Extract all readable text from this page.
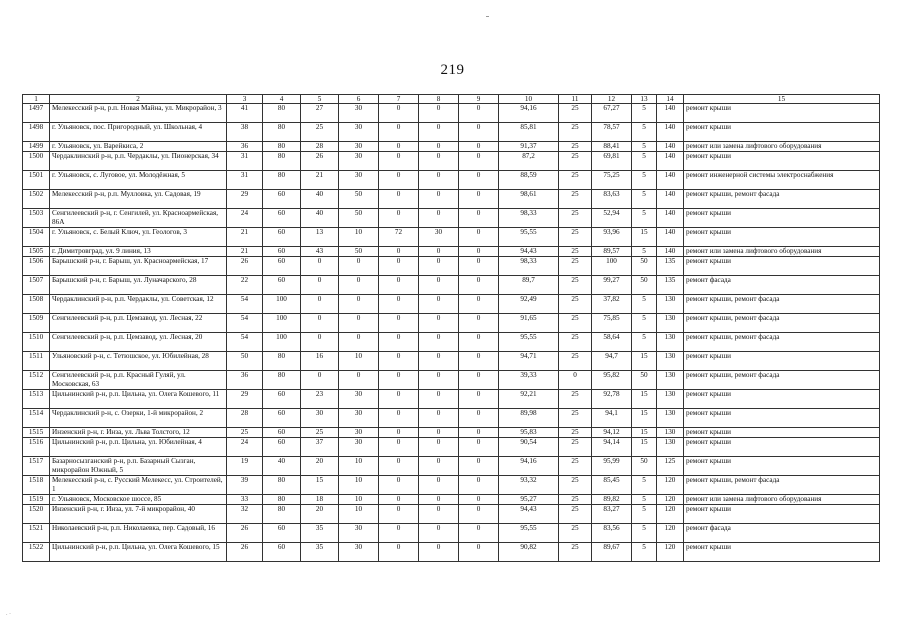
219
1	2	3	4	5	6	7	8	9	10	11	12	13	14	15
1497	Мелекесский р-н, р.п. Новая Майна, ул. Микрорайон, 3	41	80	27	30	0	0	0	94,16	25	67,27	5	140	ремонт крыши
1498	г. Ульяновск, пос. Пригородный, ул. Школьная, 4	38	80	25	30	0	0	0	85,81	25	78,57	5	140	ремонт крыши
1499	г. Ульяновск, ул. Варейкиса, 2	36	80	28	30	0	0	0	91,37	25	88,41	5	140	ремонт или замена лифтового оборудования
1500	Чердаклинский р-н, р.п. Чердаклы, ул. Пионерская, 34	31	80	26	30	0	0	0	87,2	25	69,81	5	140	ремонт крыши
1501	г. Ульяновск, с. Луговое, ул. Молодёжная, 5	31	80	21	30	0	0	0	88,59	25	75,25	5	140	ремонт инженерной системы электроснабжения
1502	Мелекесский р-н, р.п. Мулловка, ул. Садовая, 19	29	60	40	50	0	0	0	98,61	25	83,63	5	140	ремонт крыши, ремонт фасада
1503	Сенгилеевский р-н, г. Сенгилей, ул. Красноармейская, 86А	24	60	40	50	0	0	0	98,33	25	52,94	5	140	ремонт крыши
1504	г. Ульяновск, с. Белый Ключ, ул. Геологов, 3	21	60	13	10	72	30	0	95,55	25	93,96	15	140	ремонт крыши
1505	г. Димитровград, ул. 9 линия, 13	21	60	43	50	0	0	0	94,43	25	89,57	5	140	ремонт или замена лифтового оборудования
1506	Барышский р-н, г. Барыш, ул. Красноармейская, 17	26	60	0	0	0	0	0	98,33	25	100	50	135	ремонт крыши
1507	Барышский р-н, г. Барыш, ул. Луначарского, 28	22	60	0	0	0	0	0	89,7	25	99,27	50	135	ремонт фасада
1508	Чердаклинский р-н, р.п. Чердаклы, ул. Советская, 12	54	100	0	0	0	0	0	92,49	25	37,82	5	130	ремонт крыши, ремонт фасада
1509	Сенгилеевский р-н, р.п. Цемзавод, ул. Лесная, 22	54	100	0	0	0	0	0	91,65	25	75,85	5	130	ремонт крыши, ремонт фасада
1510	Сенгилеевский р-н, р.п. Цемзавод, ул. Лесная, 20	54	100	0	0	0	0	0	95,55	25	58,64	5	130	ремонт крыши, ремонт фасада
1511	Ульяновский р-н, с. Тетюшское, ул. Юбилейная, 28	50	80	16	10	0	0	0	94,71	25	94,7	15	130	ремонт крыши
1512	Сенгилеевский р-н, р.п. Красный Гуляй, ул. Московская, 63	36	80	0	0	0	0	0	39,33	0	95,82	50	130	ремонт крыши, ремонт фасада
1513	Цильнинский р-н, р.п. Цильна, ул. Олега Кошевого, 11	29	60	23	30	0	0	0	92,21	25	92,78	15	130	ремонт крыши
1514	Чердаклинский р-н, с. Озерки, 1-й микрорайон, 2	28	60	30	30	0	0	0	89,98	25	94,1	15	130	ремонт крыши
1515	Инзенский р-н, г. Инза, ул. Льва Толстого, 12	25	60	25	30	0	0	0	95,83	25	94,12	15	130	ремонт крыши
1516	Цильнинский р-н, р.п. Цильна, ул. Юбилейная, 4	24	60	37	30	0	0	0	90,54	25	94,14	15	130	ремонт крыши
1517	Базарносызганский р-н, р.п. Базарный Сызган, микрорайон Южный, 5	19	40	20	10	0	0	0	94,16	25	95,99	50	125	ремонт крыши
1518	Мелекесский р-н, с. Русский Мелекесс, ул. Строителей, 1	39	80	15	10	0	0	0	93,32	25	85,45	5	120	ремонт крыши, ремонт фасада
1519	г. Ульяновск, Московское шоссе, 85	33	80	18	10	0	0	0	95,27	25	89,82	5	120	ремонт или замена лифтового оборудования
1520	Инзенский р-н, г. Инза, ул. 7-й микрорайон, 40	32	80	20	10	0	0	0	94,43	25	83,27	5	120	ремонт крыши
1521	Николаевский р-н, р.п. Николаевка, пер. Садовый, 16	26	60	35	30	0	0	0	95,55	25	83,56	5	120	ремонт фасада
1522	Цильнинский р-н, р.п. Цильна, ул. Олега Кошевого, 15	26	60	35	30	0	0	0	90,82	25	89,67	5	120	ремонт крыши
· ·
